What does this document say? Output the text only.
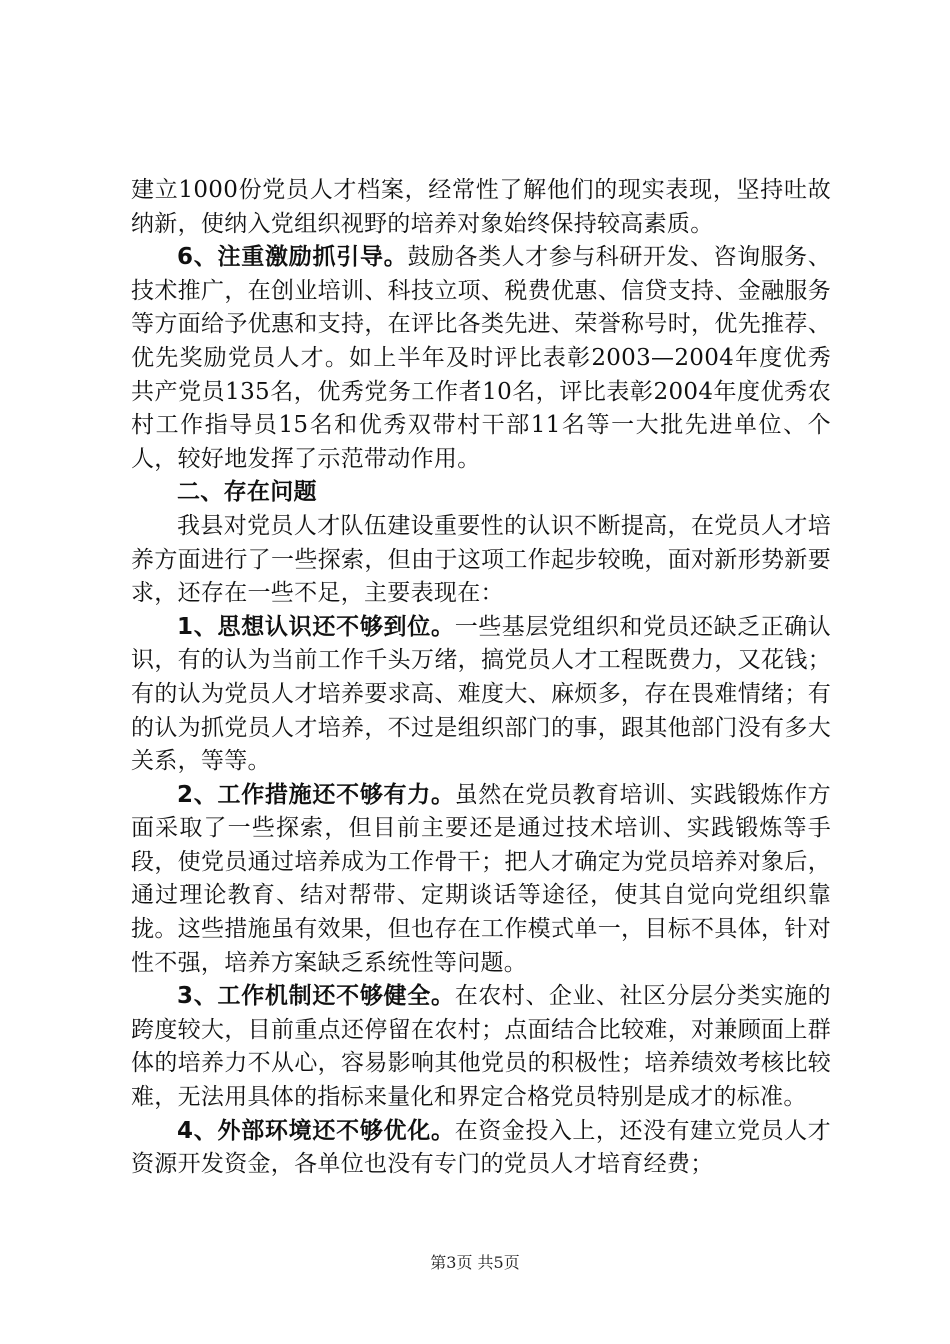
建立1000份党员人才档案，经常性了解他们的现实表现，坚持吐故纳新，使纳入党组织视野的培养对象始终保持较高素质。

6、注重激励抓引导。鼓励各类人才参与科研开发、咨询服务、技术推广，在创业培训、科技立项、税费优惠、信贷支持、金融服务等方面给予优惠和支持，在评比各类先进、荣誉称号时，优先推荐、优先奖励党员人才。如上半年及时评比表彰2003—2004年度优秀共产党员135名，优秀党务工作者10名，评比表彰2004年度优秀农村工作指导员15名和优秀双带村干部11名等一大批先进单位、个人，较好地发挥了示范带动作用。

二、存在问题

我县对党员人才队伍建设重要性的认识不断提高，在党员人才培养方面进行了一些探索，但由于这项工作起步较晚，面对新形势新要求，还存在一些不足，主要表现在：

1、思想认识还不够到位。一些基层党组织和党员还缺乏正确认识，有的认为当前工作千头万绪，搞党员人才工程既费力，又花钱；有的认为党员人才培养要求高、难度大、麻烦多，存在畏难情绪；有的认为抓党员人才培养，不过是组织部门的事，跟其他部门没有多大关系，等等。

2、工作措施还不够有力。虽然在党员教育培训、实践锻炼作方面采取了一些探索，但目前主要还是通过技术培训、实践锻炼等手段，使党员通过培养成为工作骨干；把人才确定为党员培养对象后，通过理论教育、结对帮带、定期谈话等途径，使其自觉向党组织靠拢。这些措施虽有效果，但也存在工作模式单一，目标不具体，针对性不强，培养方案缺乏系统性等问题。

3、工作机制还不够健全。在农村、企业、社区分层分类实施的跨度较大，目前重点还停留在农村；点面结合比较难，对兼顾面上群体的培养力不从心，容易影响其他党员的积极性；培养绩效考核比较难，无法用具体的指标来量化和界定合格党员特别是成才的标准。

4、外部环境还不够优化。在资金投入上，还没有建立党员人才资源开发资金，各单位也没有专门的党员人才培育经费；

第3页 共5页
